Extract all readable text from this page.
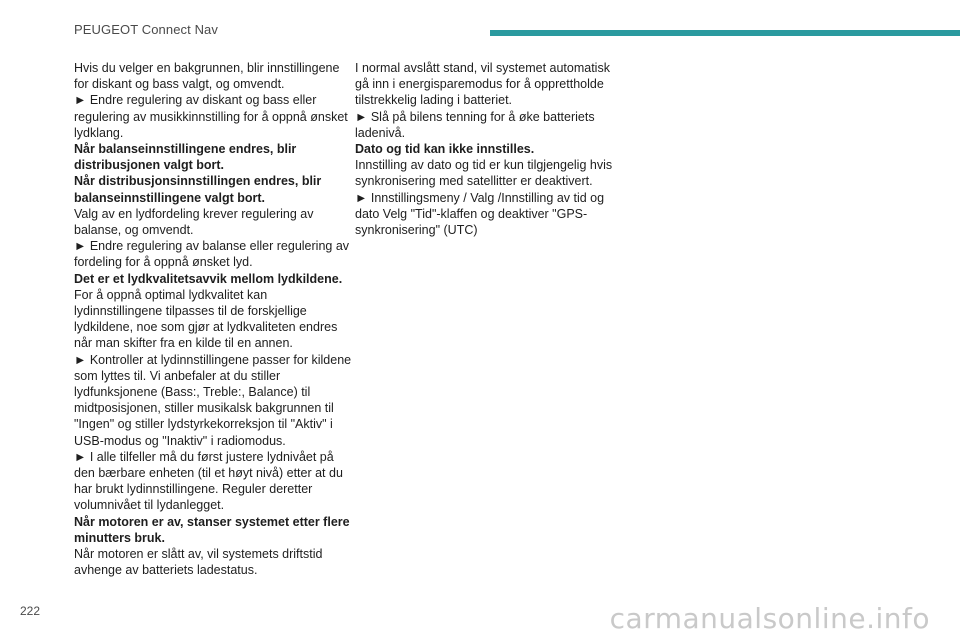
PEUGEOT Connect Nav

Hvis du velger en bakgrunnen, blir innstillingene for diskant og bass valgt, og omvendt.

► Endre regulering av diskant og bass eller regulering av musikkinnstilling for å oppnå ønsket lydklang.

Når balanseinnstillingene endres, blir distribusjonen valgt bort.

Når distribusjonsinnstillingen endres, blir balanseinnstillingene valgt bort.

Valg av en lydfordeling krever regulering av balanse, og omvendt.

► Endre regulering av balanse eller regulering av fordeling for å oppnå ønsket lyd.

Det er et lydkvalitetsavvik mellom lydkildene.

For å oppnå optimal lydkvalitet kan lydinnstillingene tilpasses til de forskjellige lydkildene, noe som gjør at lydkvaliteten endres når man skifter fra en kilde til en annen.

► Kontroller at lydinnstillingene passer for kildene som lyttes til. Vi anbefaler at du stiller lydfunksjonene (Bass:, Treble:, Balance) til midtposisjonen, stiller musikalsk bakgrunnen til "Ingen" og stiller lydstyrkekorreksjon til "Aktiv" i USB-modus og "Inaktiv" i radiomodus.

► I alle tilfeller må du først justere lydnivået på den bærbare enheten (til et høyt nivå) etter at du har brukt lydinnstillingene. Reguler deretter volumnivået til lydanlegget.

Når motoren er av, stanser systemet etter flere minutters bruk.

Når motoren er slått av, vil systemets driftstid avhenge av batteriets ladestatus.

I normal avslått stand, vil systemet automatisk gå inn i energisparemodus for å opprettholde tilstrekkelig lading i batteriet.

► Slå på bilens tenning for å øke batteriets ladenivå.

Dato og tid kan ikke innstilles.

Innstilling av dato og tid er kun tilgjengelig hvis synkronisering med satellitter er deaktivert.

► Innstillingsmeny / Valg /Innstilling av tid og dato Velg "Tid"-klaffen og deaktiver "GPS-synkronisering" (UTC)

222	carmanualsonline.info
